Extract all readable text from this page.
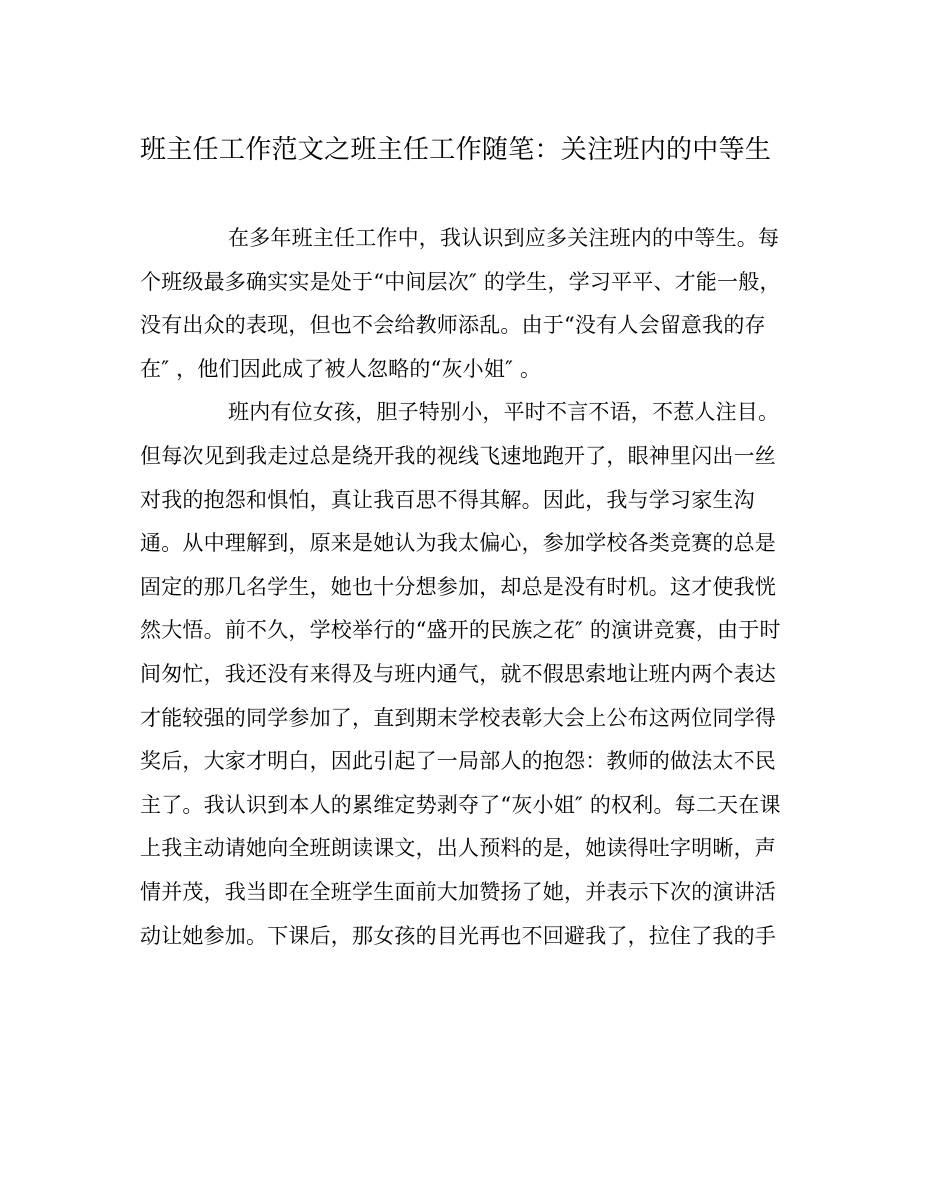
班主任工作范文之班主任工作随笔：关注班内的中等生
在多年班主任工作中，我认识到应多关注班内的中等生。每
个班级最多确实实是处于“中间层次″ 的学生，学习平平、才能一般，
没有出众的表现，但也不会给教师添乱。由于“没有人会留意我的存
在″ ，他们因此成了被人忽略的“灰小姐″ 。
班内有位女孩，胆子特别小，平时不言不语，不惹人注目。
但每次见到我走过总是绕开我的视线飞速地跑开了，眼神里闪出一丝
对我的抱怨和惧怕，真让我百思不得其解。因此，我与学习家生沟
通。从中理解到，原来是她认为我太偏心，参加学校各类竞赛的总是
固定的那几名学生，她也十分想参加，却总是没有时机。这才使我恍
然大悟。前不久，学校举行的“盛开的民族之花″ 的演讲竞赛，由于时
间匆忙，我还没有来得及与班内通气，就不假思索地让班内两个表达
才能较强的同学参加了，直到期末学校表彰大会上公布这两位同学得
奖后，大家才明白，因此引起了一局部人的抱怨：教师的做法太不民
主了。我认识到本人的累维定势剥夺了“灰小姐″ 的权利。每二天在课
上我主动请她向全班朗读课文，出人预料的是，她读得吐字明晰，声
情并茂，我当即在全班学生面前大加赞扬了她，并表示下次的演讲活
动让她参加。下课后，那女孩的目光再也不回避我了，拉住了我的手
